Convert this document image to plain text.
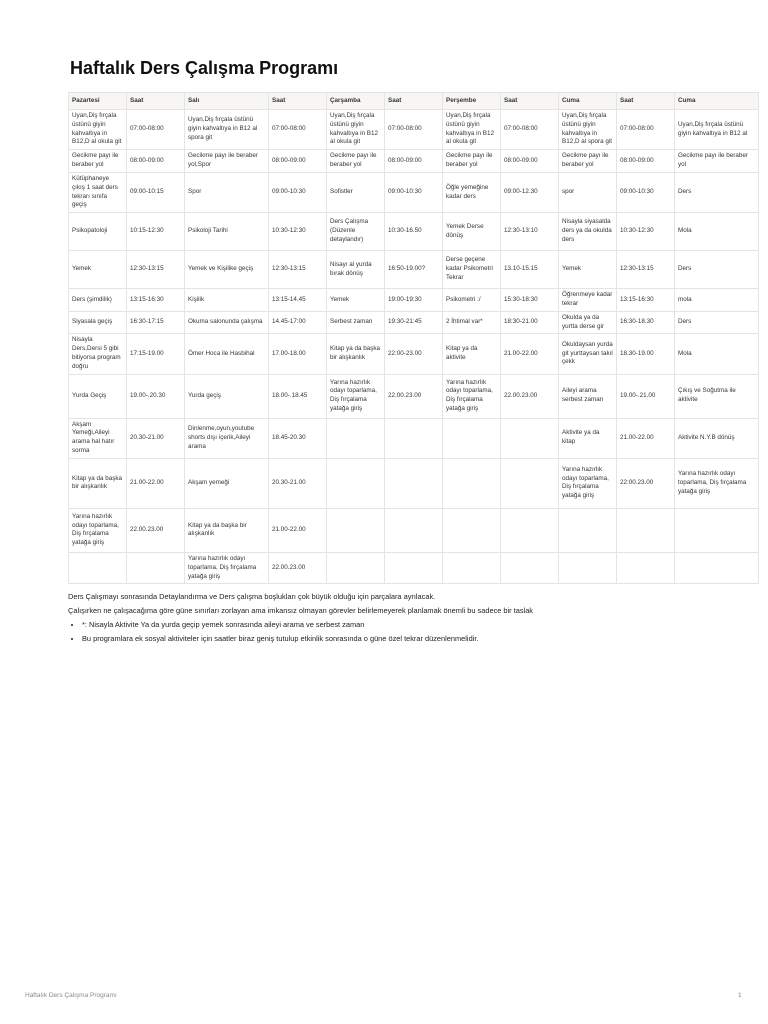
Haftalık Ders Çalışma Programı
Pazartesi	Saat	Salı	Saat	Çarşamba	Saat	Perşembe	Saat	Cuma	Saat	Cuma
Uyan,Diş fırçala üstünü giyin kahvaltıya in B12,D al okula git	07:00-08:00	Uyan,Diş fırçala üstünü giyin kahvaltıya in B12 al spora git	07:00-08:00	Uyan,Diş fırçala üstünü giyin kahvaltıya in B12 al okula git	07:00-08:00	Uyan,Diş fırçala üstünü giyin kahvaltıya in B12 al okula git	07:00-08:00	Uyan,Diş fırçala üstünü giyin kahvaltıya in B12,D al spora git	07:00-08:00	Uyan,Diş fırçala üstünü giyin kahvaltıya in B12 al
Gecikme payı ile beraber yol	08:00-09:00	Gecikme payı ile beraber yol,Spor	08:00-09:00	Gecikme payı ile beraber yol	08:00-09:00	Gecikme payı ile beraber yol	08:00-09:00	Gecikme payı ile beraber yol	08:00-09:00	Gecikme payı ile beraber yol
Kütüphaneye çıkış 1 saat ders tekrarı sınıfa geçiş	09:00-10:15	Spor	09:00-10:30	Sofistler	09:00-10:30	Öğle yemeğine kadar ders	09:00-12.30	spor	09:00-10:30	Ders
Psikopatoloji	10:15-12:30	Psikoloji Tarihi	10:30-12:30	Ders Çalışma (Düzenle detaylandır)	10:30-16.50	Yemek Derse dönüş	12:30-13:10	Nisayla siyasalda ders ya da okulda ders	10:30-12:30	Mola
Yemek	12:30-13:15	Yemek ve Kişilike geçiş	12:30-13:15	Nisayı al yurda bırak dönüş	16:50-19.00?	Derse geçene kadar Psikometri Tekrar	13.10-15.15	Yemek	12:30-13:15	Ders
Ders (şimdilik)	13:15-16:30	Kişilik	13:15-14.45	Yemek	19:00-19:30	Psikometri :/	15:30-18:30	Öğrenmeye kadar tekrar	13:15-16:30	mola
Siyasala geçiş	16:30-17:15	Okuma salonunda çalışma	14.45-17:00	Serbest zaman	19:30-21:45	2 İhtimal var*	18:30-21.00	Okulda ya da yurtta derse gir	16:30-18.30	Ders
Nisayla Ders,Dersi 5 gibi bitiyorsa program doğru	17:15-19.00	Ömer Hoca ile Hasbihal	17.00-18.00	Kitap ya da başka bir alışkanlık	22:00-23.00	Kitap ya da aktivite	21.00-22.00	Okuldaysan yurda git yurttaysan takıl çekk	18.30-19.00	Mola
Yurda Geçiş	19.00-.20.30	Yurda geçiş	18.00-.18.45	Yarına hazırlık odayı toparlama, Diş fırçalama yatağa giriş	22.00.23.00	Yarına hazırlık odayı toparlama, Diş fırçalama yatağa giriş	22.00.23.00	Aileyi arama serbest zaman	19.00-.21.00	Çıkış ve Soğutma ile aktivite
Akşam Yemeği,Aileyi arama hal hatır sorma	20.30-21.00	Dinlenme,oyun,youtube shorts dışı içerik,Aileyi arama	18.45-20.30					Aktivite ya da kitap	21.00-22.00	Aktivite N.Y.B dönüş
Kitap ya da başka bir alışkanlık	21.00-22.00	Akşam yemeği	20.30-21.00					Yarına hazırlık odayı toparlama, Diş fırçalama yatağa giriş	22:00.23.00	Yarına hazırlık odayı toparlama, Diş fırçalama yatağa giriş
Yarına hazırlık odayı toparlama, Diş fırçalama yatağa giriş	22.00.23.00	Kitap ya da başka bir alışkanlık	21.00-22.00							
		Yarına hazırlık odayı toparlama, Diş fırçalama yatağa giriş	22.00.23.00							

Ders Çalışmayı sonrasında Detaylandırma ve Ders çalışma boşlukları çok büyük olduğu için parçalara ayrılacak.

Çalışırken ne çalışacağıma göre güne sınırları zorlayan ama imkansız olmayan görevler belirlemeyerek planlamak önemli bu sadece bir taslak

• *: Nisayla Aktivite Ya da yurda geçip yemek sonrasında aileyi arama ve serbest zaman
• Bu programlara ek sosyal aktiviteler için saatler biraz geniş tutulup etkinlik sonrasında o güne özel tekrar düzenlenmelidir.
Haftalık Ders Çalışma Programı	1
